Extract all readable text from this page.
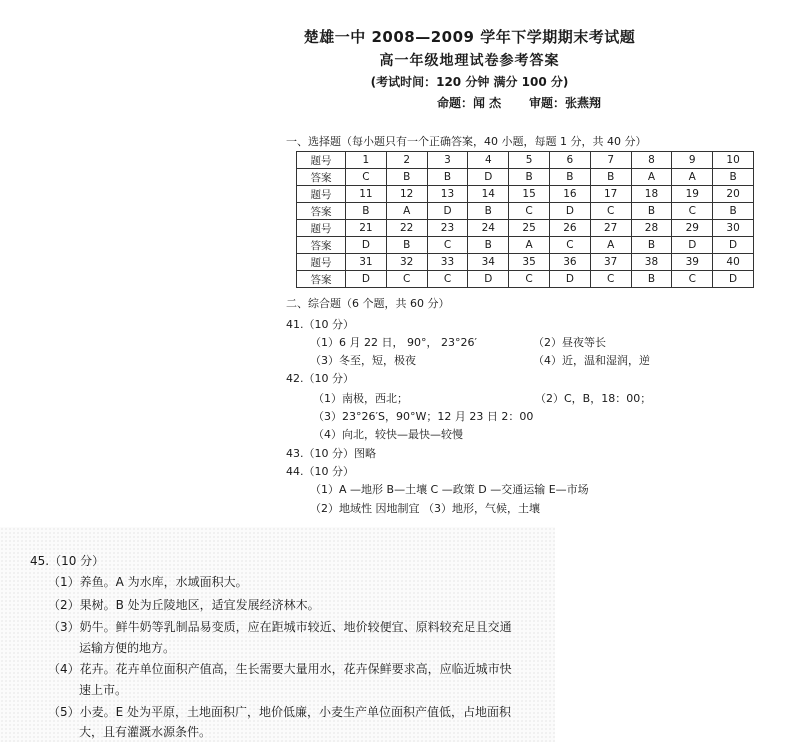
楚雄一中 2008—2009 学年下学期期末考试题
高一年级地理试卷参考答案
(考试时间：120 分钟 满分 100 分)
命题：闻 杰 审题：张燕翔
一、选择题（每小题只有一个正确答案，40 小题，每题 1 分，共 40 分）
题号	1	2	3	4	5	6	7	8	9	10
答案	C	B	B	D	B	B	B	A	A	B
题号	11	12	13	14	15	16	17	18	19	20
答案	B	A	D	B	C	D	C	B	C	B
题号	21	22	23	24	25	26	27	28	29	30
答案	D	B	C	B	A	C	A	B	D	D
题号	31	32	33	34	35	36	37	38	39	40
答案	D	C	C	D	C	D	C	B	C	D
二、综合题（6 个题，共 60 分）
41.（10 分）
（1）6 月 22 日， 90°， 23°26′	（2）昼夜等长
（3）冬至，短，极夜	（4）近，温和湿润，逆
42.（10 分）
（1）南极，西北；	（2）C，B，18：00；
（3）23°26′S，90°W；12 月 23 日 2：00
（4）向北，较快—最快—较慢
43.（10 分）图略
44.（10 分）
（1）A —地形 B—土壤 C —政策 D —交通运输 E—市场
（2）地域性 因地制宜 （3）地形，气候，土壤
45.（10 分）
（1）养鱼。A 为水库，水域面积大。
（2）果树。B 处为丘陵地区，适宜发展经济林木。
（3）奶牛。鲜牛奶等乳制品易变质，应在距城市较近、地价较便宜、原料较充足且交通
运输方便的地方。
（4）花卉。花卉单位面积产值高，生长需要大量用水，花卉保鲜要求高，应临近城市快
速上市。
（5）小麦。E 处为平原，土地面积广，地价低廉，小麦生产单位面积产值低，占地面积
大，且有灌溉水源条件。
